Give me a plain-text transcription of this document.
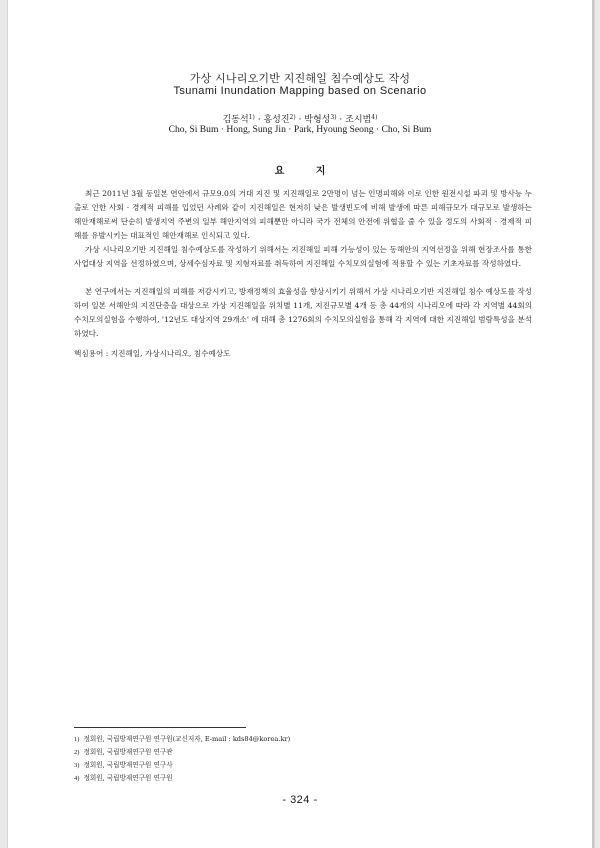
가상 시나리오기반 지진해일 침수예상도 작성
Tsunami Inundation Mapping based on Scenario
김동석$^{1)}$ · 홍성진$^{2)}$ · 박형성$^{3)}$ · 조시범$^{4)}$
Cho, Si Bum · Hong, Sung Jin · Park, Hyoung Seong · Cho, Si Bum
요 지

최근 2011년 3월 동일본 연안에서 규모9.0의 거대 지진 및 지진해일로 2만명이 넘는 인명피해와 이로 인한 원전시설 파괴 및 방사능 누출로 인한 사회 · 경제적 피해를 입었던 사례와 같이 지진해일은 현저히 낮은 발생빈도에 비해 발생에 따른 피해규모가 대규모로 발생하는 해안재해로써 단순히 발생지역 주변의 일부 해안지역의 피해뿐만 아니라 국가 전체의 안전에 위협을 줄 수 있을 정도의 사회적 · 경제적 피해를 유발시키는 대표적인 해안재해로 인식되고 있다.

가상 시나리오기반 지진해일 침수예상도를 작성하기 위해서는 지진해일 피해 가능성이 있는 동해안의 지역선정을 위해 현장조사를 통한 사업대상 지역을 선정하였으며, 상세수심자료 및 지형자료를 취득하여 지진해일 수치모의실험에 적용할 수 있는 기초자료를 작성하였다.

본 연구에서는 지진해일의 피해를 저감시키고, 방재정책의 효율성을 향상시키기 위해서 가상 시나리오기반 지진해일 침수 예상도를 작성하여 일본 서해안의 지진단층을 대상으로 가상 지진해일을 위치별 11개, 지진규모별 4개 등 총 44개의 시나리오에 따라 각 지역별 44회의 수치모의실험을 수행하여, '12년도 대상지역 29개소' 에 대해 총 1276회의 수치모의실험을 통해 각 지역에 대한 지진해일 범람특성을 분석하였다.

핵심용어 : 지진해일, 가상시나리오, 침수예상도
1) 정회원, 국립방재연구원 연구원(교신저자, E-mail : kds84@korea.kr)
2) 정회원, 국립방재연구원 연구관
3) 정회원, 국립방재연구원 연구사
4) 정회원, 국립방재연구원 연구원
- 324 -
